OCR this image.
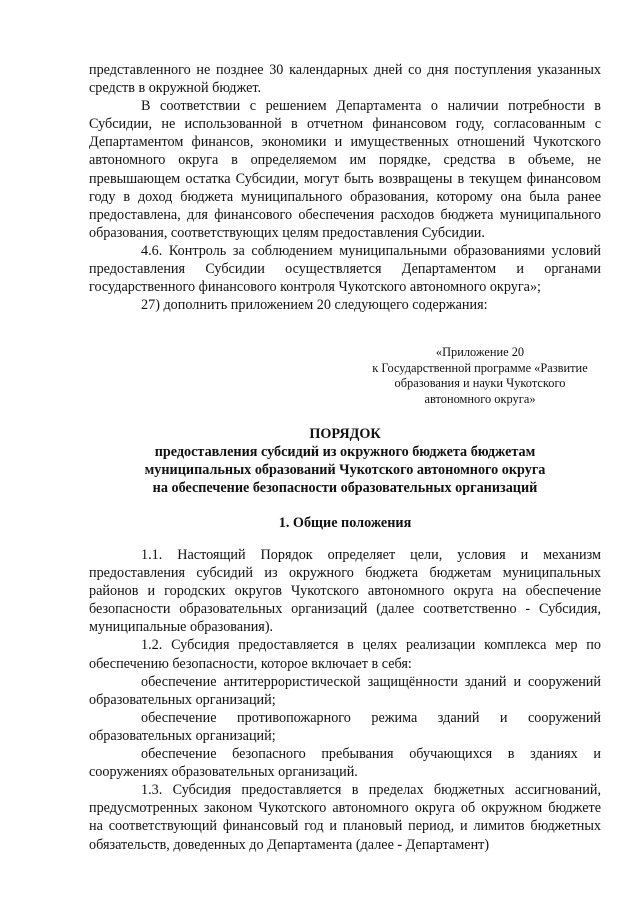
представленного не позднее 30 календарных дней со дня поступления указанных средств в окружной бюджет.

В соответствии с решением Департамента о наличии потребности в Субсидии, не использованной в отчетном финансовом году, согласованным с Департаментом финансов, экономики и имущественных отношений Чукотского автономного округа в определяемом им порядке, средства в объеме, не превышающем остатка Субсидии, могут быть возвращены в текущем финансовом году в доход бюджета муниципального образования, которому она была ранее предоставлена, для финансового обеспечения расходов бюджета муниципального образования, соответствующих целям предоставления Субсидии.

4.6. Контроль за соблюдением муниципальными образованиями условий предоставления Субсидии осуществляется Департаментом и органами государственного финансового контроля Чукотского автономного округа»;

27) дополнить приложением 20 следующего содержания:

«Приложение 20
к Государственной программе «Развитие
образования и науки Чукотского
автономного округа»
ПОРЯДОК
предоставления субсидий из окружного бюджета бюджетам
муниципальных образований Чукотского автономного округа
на обеспечение безопасности образовательных организаций
1. Общие положения

1.1. Настоящий Порядок определяет цели, условия и механизм предоставления субсидий из окружного бюджета бюджетам муниципальных районов и городских округов Чукотского автономного округа на обеспечение безопасности образовательных организаций (далее соответственно - Субсидия, муниципальные образования).

1.2. Субсидия предоставляется в целях реализации комплекса мер по обеспечению безопасности, которое включает в себя:

обеспечение антитеррористической защищённости зданий и сооружений образовательных организаций;

обеспечение противопожарного режима зданий и сооружений образовательных организаций;

обеспечение безопасного пребывания обучающихся в зданиях и сооружениях образовательных организаций.

1.3. Субсидия предоставляется в пределах бюджетных ассигнований, предусмотренных законом Чукотского автономного округа об окружном бюджете на соответствующий финансовый год и плановый период, и лимитов бюджетных обязательств, доведенных до Департамента (далее - Департамент)
